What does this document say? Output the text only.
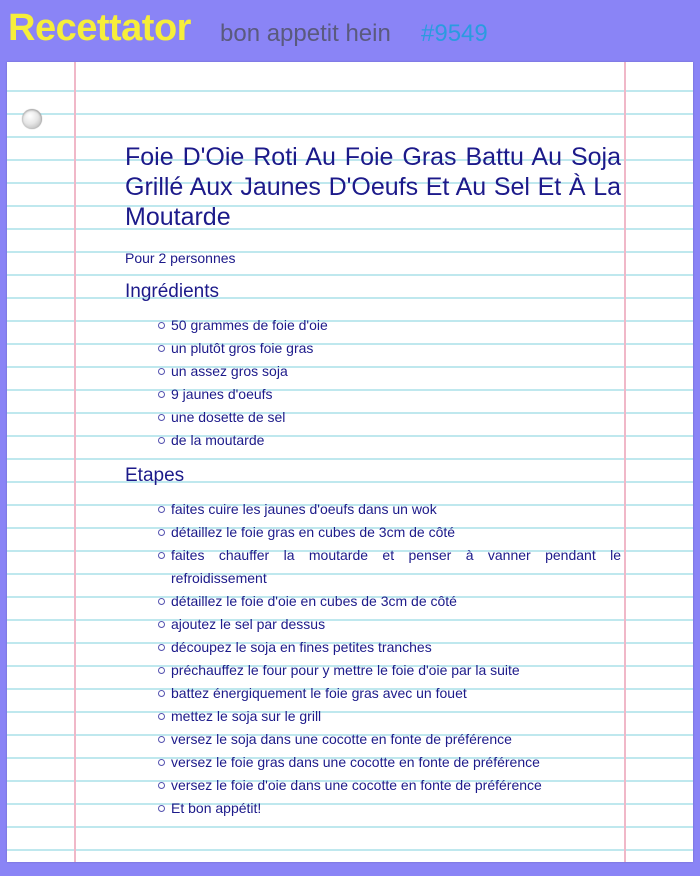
Recettator bon appetit hein #9549
Foie D'Oie Roti Au Foie Gras Battu Au Soja Grillé Aux Jaunes D'Oeufs Et Au Sel Et À La Moutarde

Pour 2 personnes

Ingrédients
50 grammes de foie d'oie
un plutôt gros foie gras
un assez gros soja
9 jaunes d'oeufs
une dosette de sel
de la moutarde
Etapes
faites cuire les jaunes d'oeufs dans un wok
détaillez le foie gras en cubes de 3cm de côté
faites chauffer la moutarde et penser à vanner pendant le refroidissement
détaillez le foie d'oie en cubes de 3cm de côté
ajoutez le sel par dessus
découpez le soja en fines petites tranches
préchauffez le four pour y mettre le foie d'oie par la suite
battez énergiquement le foie gras avec un fouet
mettez le soja sur le grill
versez le soja dans une cocotte en fonte de préférence
versez le foie gras dans une cocotte en fonte de préférence
versez le foie d'oie dans une cocotte en fonte de préférence
Et bon appétit!
